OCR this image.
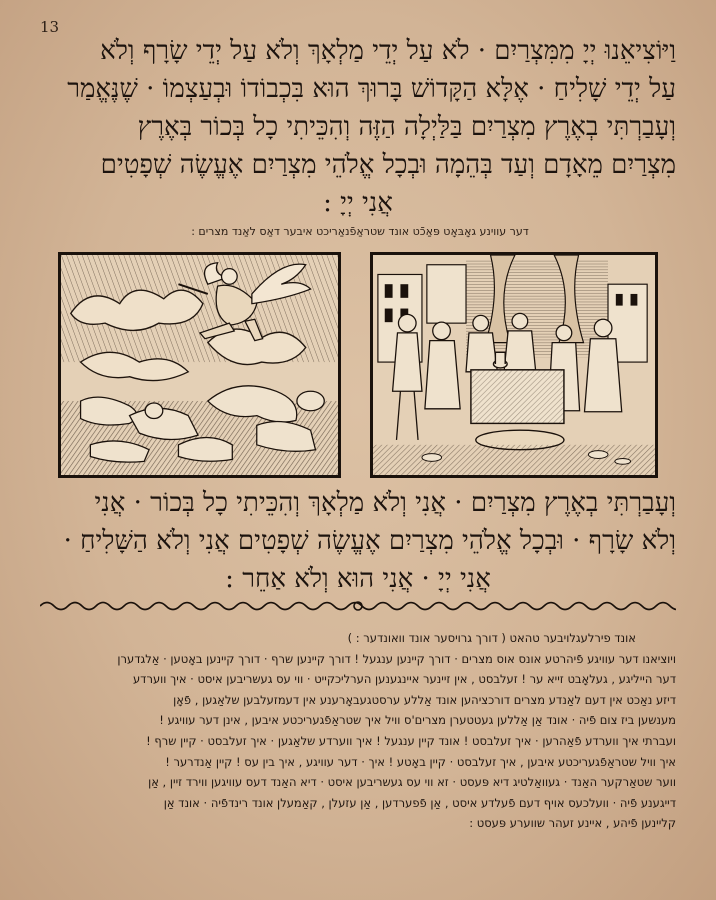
13
וַיּוֹצִיאֵנוּ יְיָ מִמִּצְרַיִם · לֹא עַל יְדֵי מַלְאָךְ וְלֹא עַל יְדֵי שָׂרָף וְלֹא
עַל יְדֵי שָׁלִיחַ · אֶלָּא הַקָּדוֹשׁ בָּרוּךְ הוּא בִּכְבוֹדוֹ וּבְעַצְמוֹ · שֶׁנֶּאֱמַר
וְעָבַרְתִּי בְאֶרֶץ מִצְרַיִם בַּלַּיְלָה הַזֶּה וְהִכֵּיתִי כָל בְּכוֹר בְּאֶרֶץ
מִצְרַיִם מֵאָדָם וְעַד בְּהֵמָה וּבְכָל אֱלֹהֵי מִצְרַיִם אֶעֱשֶׂה שְׁפָטִים
אֲנִי יְיָ :
דער עווינע גאָבּאָט פּאַכֿט אונד שטראַפֿנאַריכט איבער דאַס לאַנד מצרים :
וְעָבַרְתִּי בְאֶרֶץ מִצְרַיִם · אֲנִי וְלֹא מַלְאָךְ וְהִכֵּיתִי כָל בְּכוֹר · אֲנִי
וְלֹא שָׂרָף · וּבְכָל אֱלֹהֵי מִצְרַיִם אֶעֱשֶׂה שְׁפָטִים אֲנִי וְלֹא הַשָּׁלִיחַ ·
אֲנִי יְיָ · אֲנִי הוּא וְלֹא אַחֵר :
אונד פירלעגלויבער טהאט ( דורך גרויסער אונד וואונדער : )
ויוציאנו דער עוויגע פֿיהרטע אונס אוס מצרים · דורך קיינען ענגעל ! דורך קיינען שרף · דורך קיינען באָטען · אַלגדערן
דער הייליגע , געלאָבט זייא ער ! זעלבסט , אין זיינער איינגענען הערליכקייט · ווי עס געשריבען איסט · איך ווערדע
דיזע נאַכט אין דעם לאַנדע מצרים דורכציהען אונד אַללע ערסטגעבאָרענע אין דעמזעלבען שלאַגען , פֿאָן
מענשען ביז צום פֿיה · אונד אַן אַללען געטטערן מצרים'ס וויל איך שטראַפֿגעריכטע איבען , אינן דער עוויגע !
ועברתי איך ווערדע פֿאַהרען · איך זעלבסט ! אונד קיין ענגעל ! איך ווערדע שלאַגען · איך זעלבסט · קיין שרף !
איך וויל שטראַפֿגעריכטע איבען , איך זעלבסט · קיין באָטע ! איך · דער עוויגע , איך בין עס ! קיין אַנדרער !
ווער שטאַרקער האַנד · געוואַלטיג דיא פּעסט · זא ווי עס געשריבען איסט · דיא האַנד דעס עוויגען ווירד זיין , אַן
דייגענע פֿיה · וועלכעס אויף דעם פֿעלדע איסט , אַן פֿפערדען , אַן עזעלן , קאַמעלן אונד רינדפֿיה · אונד אַן
קליינען פֿיהע , איינע זעהר שווערע פּעסט :
